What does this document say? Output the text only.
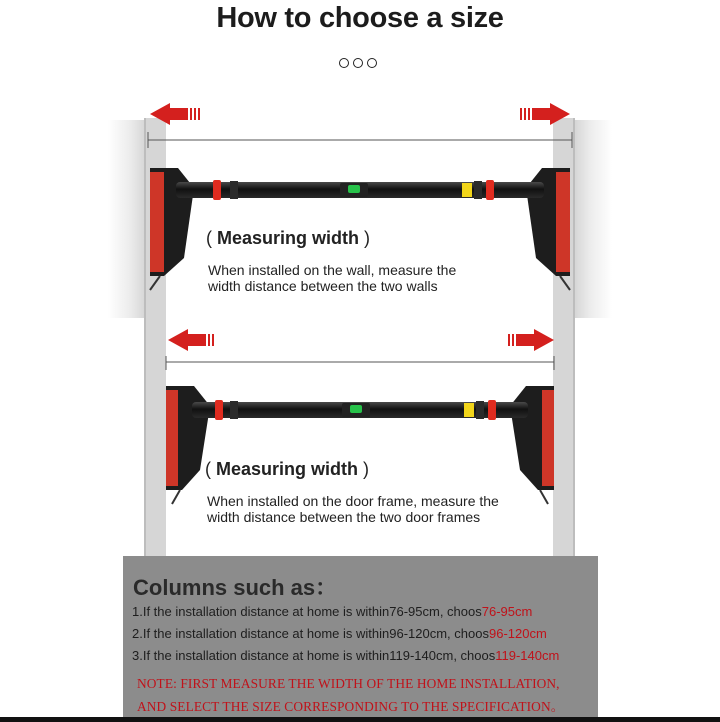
How to choose a size
( Measuring width )
When installed on the wall, measure the
width distance between the two walls
( Measuring width )
When installed on the door frame, measure the
width distance between the two door frames
Columns such as：
1.If the installation distance at home is within76-95cm, choos76-95cm
2.If the installation distance at home is within96-120cm, choos96-120cm
3.If the installation distance at home is within119-140cm, choos119-140cm
NOTE: FIRST MEASURE THE WIDTH OF THE HOME INSTALLATION,
AND SELECT THE SIZE CORRESPONDING TO THE SPECIFICATION。
